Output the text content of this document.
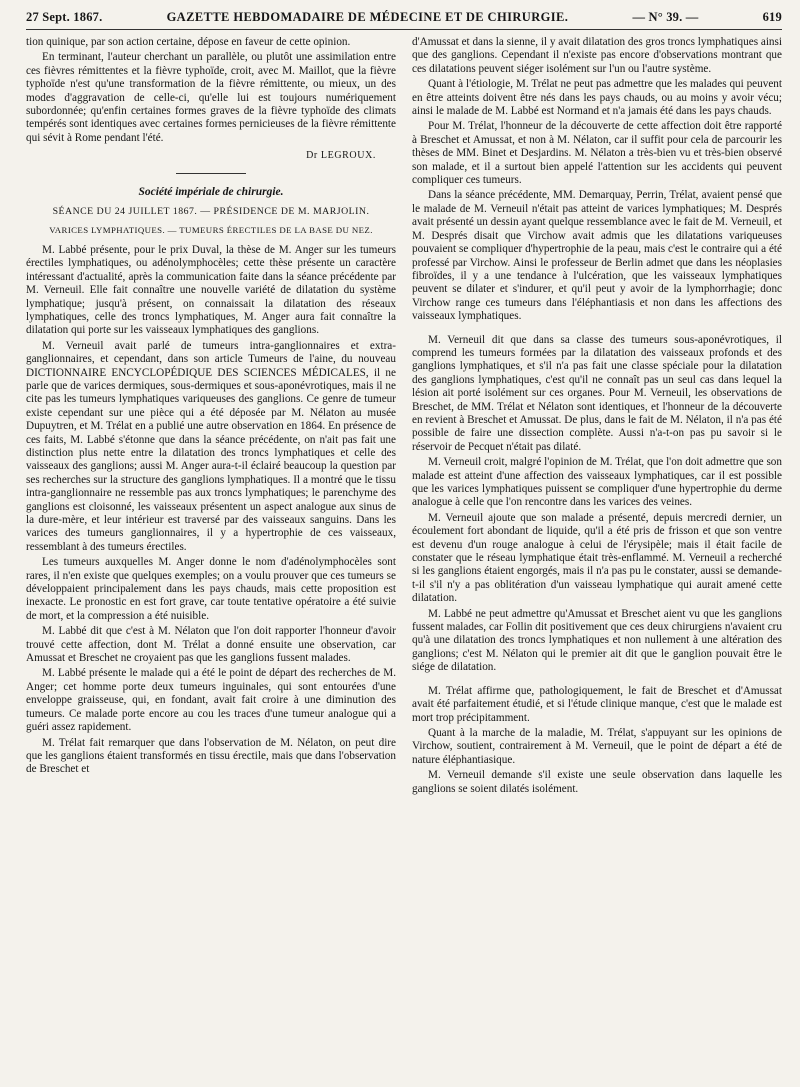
27 Sept. 1867.	GAZETTE HEBDOMADAIRE DE MÉDECINE ET DE CHIRURGIE.	— N° 39. —	619

tion quinique, par son action certaine, dépose en faveur de cette opinion.

En terminant, l'auteur cherchant un parallèle, ou plutôt une assimilation entre ces fièvres rémittentes et la fièvre typhoïde, croit, avec M. Maillot, que la fièvre typhoïde n'est qu'une transformation de la fièvre rémittente, ou mieux, un des modes d'aggravation de celle-ci, qu'elle lui est toujours numériquement subordonnée; qu'enfin certaines formes graves de la fièvre typhoïde des climats tempérés sont identiques avec certaines formes pernicieuses de la fièvre rémittente qui sévit à Rome pendant l'été.

Dr LEGROUX.
Société impériale de chirurgie.
SÉANCE DU 24 JUILLET 1867. — PRÉSIDENCE DE M. MARJOLIN.
VARICES LYMPHATIQUES. — TUMEURS ÉRECTILES DE LA BASE DU NEZ.

M. Labbé présente, pour le prix Duval, la thèse de M. Anger sur les tumeurs érectiles lymphatiques, ou adénolymphocèles; cette thèse présente un caractère intéressant d'actualité, après la communication faite dans la séance précédente par M. Verneuil. Elle fait connaître une nouvelle variété de dilatation du système lymphatique; jusqu'à présent, on connaissait la dilatation des réseaux lymphatiques, celle des troncs lymphatiques, M. Anger aura fait connaître la dilatation qui porte sur les vaisseaux lymphatiques des ganglions.

M. Verneuil avait parlé de tumeurs intra-ganglionnaires et extra-ganglionnaires, et cependant, dans son article Tumeurs de l'aine, du nouveau DICTIONNAIRE ENCYCLOPÉDIQUE DES SCIENCES MÉDICALES, il ne parle que de varices dermiques, sous-dermiques et sous-aponévrotiques, mais il ne cite pas les tumeurs lymphatiques variqueuses des ganglions. Ce genre de tumeur existe cependant sur une pièce qui a été déposée par M. Nélaton au musée Dupuytren, et M. Trélat en a publié une autre observation en 1864. En présence de ces faits, M. Labbé s'étonne que dans la séance précédente, on n'ait pas fait une distinction plus nette entre la dilatation des troncs lymphatiques et celle des vaisseaux des ganglions; aussi M. Anger aura-t-il éclairé beaucoup la question par ses recherches sur la structure des ganglions lymphatiques. Il a montré que le tissu intra-ganglionnaire ne ressemble pas aux troncs lymphatiques; le parenchyme des ganglions est cloisonné, les vaisseaux présentent un aspect analogue aux sinus de la dure-mère, et leur intérieur est traversé par des vaisseaux sanguins. Dans les varices des tumeurs ganglionnaires, il y a hypertrophie de ces vaisseaux, ressemblant à des tumeurs érectiles.

Les tumeurs auxquelles M. Anger donne le nom d'adénolymphocèles sont rares, il n'en existe que quelques exemples; on a voulu prouver que ces tumeurs se développaient principalement dans les pays chauds, mais cette proposition est inexacte. Le pronostic en est fort grave, car toute tentative opératoire a été suivie de mort, et la compression a été nuisible.

M. Labbé dit que c'est à M. Nélaton que l'on doit rapporter l'honneur d'avoir trouvé cette affection, dont M. Trélat a donné ensuite une observation, car Amussat et Breschet ne croyaient pas que les ganglions fussent malades.

M. Labbé présente le malade qui a été le point de départ des recherches de M. Anger; cet homme porte deux tumeurs inguinales, qui sont entourées d'une enveloppe graisseuse, qui, en fondant, avait fait croire à une diminution des tumeurs. Ce malade porte encore au cou les traces d'une tumeur analogue qui a guéri assez rapidement.

M. Trélat fait remarquer que dans l'observation de M. Nélaton, on peut dire que les ganglions étaient transformés en tissu érectile, mais que dans l'observation de Breschet et

d'Amussat et dans la sienne, il y avait dilatation des gros troncs lymphatiques ainsi que des ganglions. Cependant il n'existe pas encore d'observations montrant que ces dilatations peuvent siéger isolément sur l'un ou l'autre système.

Quant à l'étiologie, M. Trélat ne peut pas admettre que les malades qui peuvent en être atteints doivent être nés dans les pays chauds, ou au moins y avoir vécu; ainsi le malade de M. Labbé est Normand et n'a jamais été dans les pays chauds.

Pour M. Trélat, l'honneur de la découverte de cette affection doit être rapporté à Breschet et Amussat, et non à M. Nélaton, car il suffit pour cela de parcourir les thèses de MM. Binet et Desjardins. M. Nélaton a très-bien vu et très-bien observé son malade, et il a surtout bien appelé l'attention sur les accidents qui peuvent compliquer ces tumeurs.

Dans la séance précédente, MM. Demarquay, Perrin, Trélat, avaient pensé que le malade de M. Verneuil n'était pas atteint de varices lymphatiques; M. Després avait présenté un dessin ayant quelque ressemblance avec le fait de M. Verneuil, et M. Després disait que Virchow avait admis que les dilatations variqueuses pouvaient se compliquer d'hypertrophie de la peau, mais c'est le contraire qui a été professé par Virchow. Ainsi le professeur de Berlin admet que dans les néoplasies fibroïdes, il y a une tendance à l'ulcération, que les vaisseaux lymphatiques peuvent se dilater et s'indurer, et qu'il peut y avoir de la lymphorrhagie; donc Virchow range ces tumeurs dans l'éléphantiasis et non dans les affections des vaisseaux lymphatiques.

M. Verneuil dit que dans sa classe des tumeurs sous-aponévrotiques, il comprend les tumeurs formées par la dilatation des vaisseaux profonds et des ganglions lymphatiques, et s'il n'a pas fait une classe spéciale pour la dilatation des ganglions lymphatiques, c'est qu'il ne connaît pas un seul cas dans lequel la lésion ait porté isolément sur ces organes. Pour M. Verneuil, les observations de Breschet, de MM. Trélat et Nélaton sont identiques, et l'honneur de la découverte en revient à Breschet et Amussat. De plus, dans le fait de M. Nélaton, il n'a pas été possible de faire une dissection complète. Aussi n'a-t-on pas pu savoir si le réservoir de Pecquet n'était pas dilaté.

M. Verneuil croit, malgré l'opinion de M. Trélat, que l'on doit admettre que son malade est atteint d'une affection des vaisseaux lymphatiques, car il est possible que les varices lymphatiques puissent se compliquer d'une hypertrophie du derme analogue à celle que l'on rencontre dans les varices des veines.

M. Verneuil ajoute que son malade a présenté, depuis mercredi dernier, un écoulement fort abondant de liquide, qu'il a été pris de frisson et que son ventre est devenu d'un rouge analogue à celui de l'érysipèle; mais il était facile de constater que le réseau lymphatique était très-enflammé. M. Verneuil a recherché si les ganglions étaient engorgés, mais il n'a pas pu le constater, aussi se demande-t-il s'il n'y a pas oblitération d'un vaisseau lymphatique qui aurait amené cette dilatation.

M. Labbé ne peut admettre qu'Amussat et Breschet aient vu que les ganglions fussent malades, car Follin dit positivement que ces deux chirurgiens n'avaient cru qu'à une dilatation des troncs lymphatiques et non nullement à une altération des ganglions; c'est M. Nélaton qui le premier ait dit que le ganglion pouvait être le siége de dilatation.

M. Trélat affirme que, pathologiquement, le fait de Breschet et d'Amussat avait été parfaitement étudié, et si l'étude clinique manque, c'est que le malade est mort trop précipitamment.

Quant à la marche de la maladie, M. Trélat, s'appuyant sur les opinions de Virchow, soutient, contrairement à M. Verneuil, que le point de départ a été de nature éléphantiasique.

M. Verneuil demande s'il existe une seule observation dans laquelle les ganglions se soient dilatés isolément.
